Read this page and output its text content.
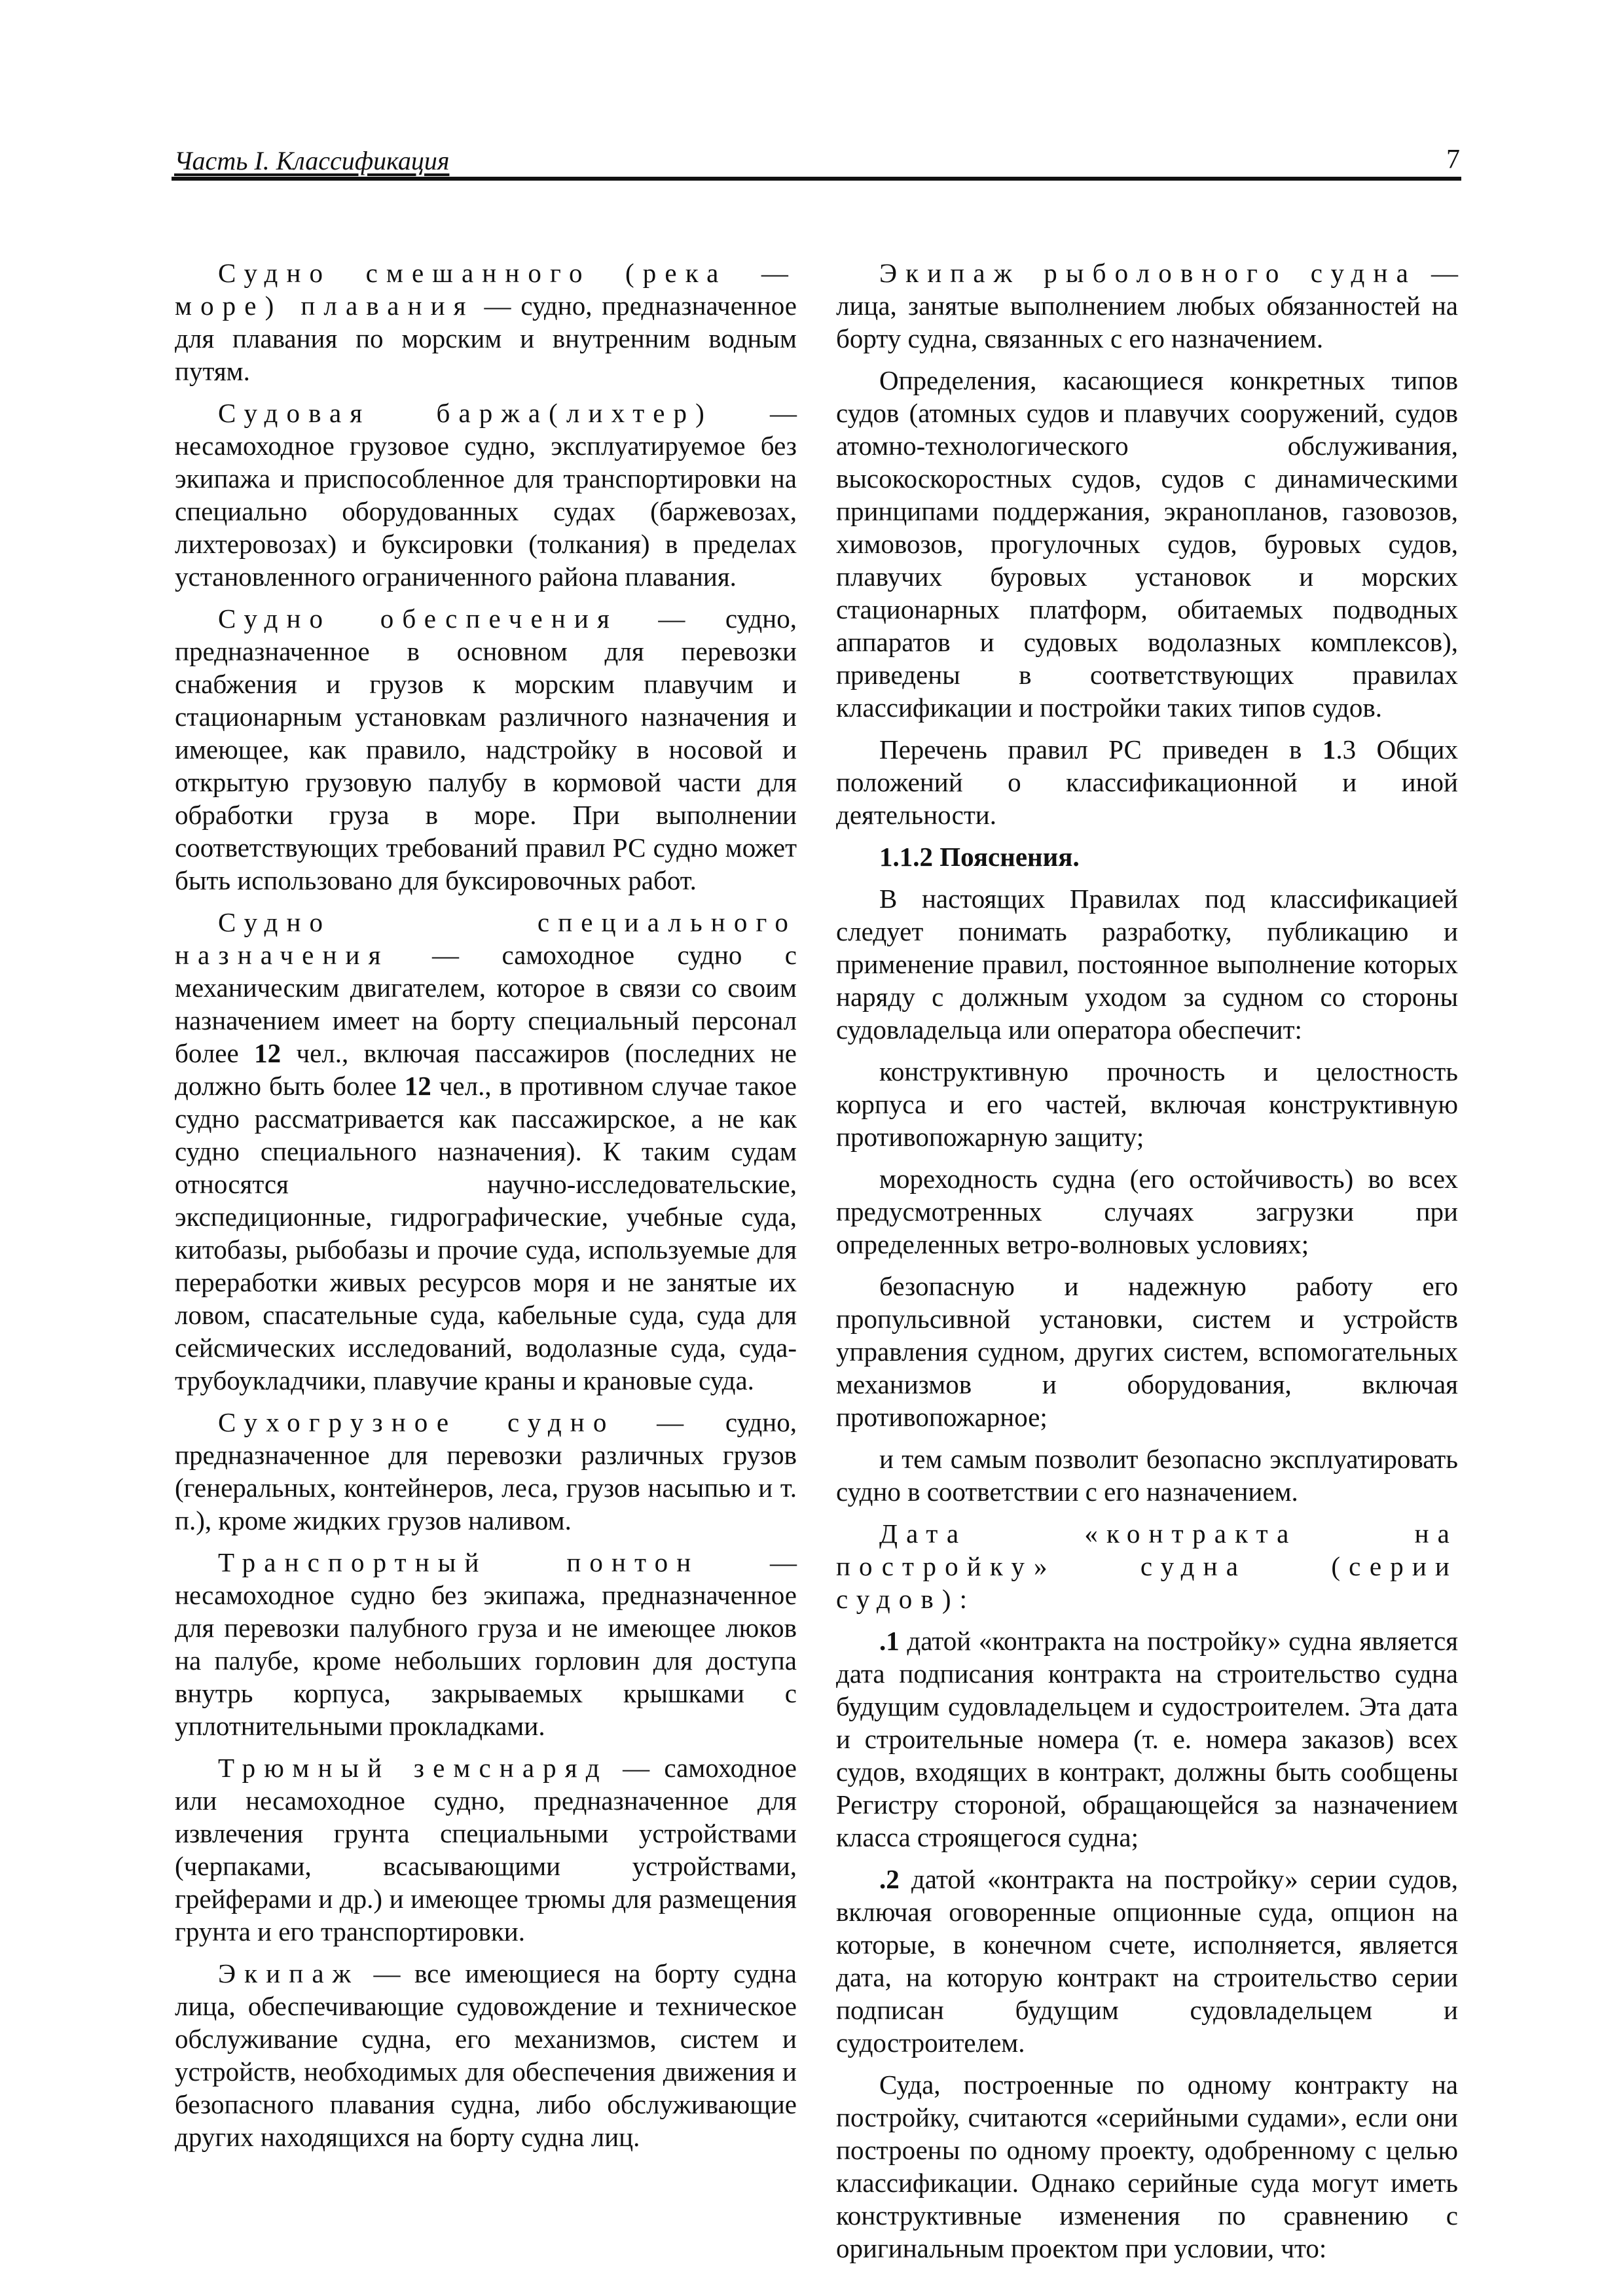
Часть I. Классификация	7

Судно смешанного (река — море) плавания — судно, предназначенное для плавания по морским и внутренним водным путям.

Судовая баржа(лихтер) — несамоходное грузовое судно, эксплуатируемое без экипажа и приспособленное для транспортировки на специально оборудованных судах (баржевозах, лихтеровозах) и буксировки (толкания) в пределах установленного ограниченного района плавания.

Судно обеспечения — судно, предназначенное в основном для перевозки снабжения и грузов к морским плавучим и стационарным установкам различного назначения и имеющее, как правило, надстройку в носовой и открытую грузовую палубу в кормовой части для обработки груза в море. При выполнении соответствующих требований правил РС судно может быть использовано для буксировочных работ.

Судно специального назначения — самоходное судно с механическим двигателем, которое в связи со своим назначением имеет на борту специальный персонал более 12 чел., включая пассажиров (последних не должно быть более 12 чел., в противном случае такое судно рассматривается как пассажирское, а не как судно специального назначения). К таким судам относятся научно-исследовательские, экспедиционные, гидрографические, учебные суда, китобазы, рыбобазы и прочие суда, используемые для переработки живых ресурсов моря и не занятые их ловом, спасательные суда, кабельные суда, суда для сейсмических исследований, водолазные суда, суда-трубоукладчики, плавучие краны и крановые суда.

Сухогрузное судно — судно, предназначенное для перевозки различных грузов (генеральных, контейнеров, леса, грузов насыпью и т. п.), кроме жидких грузов наливом.

Транспортный понтон — несамоходное судно без экипажа, предназначенное для перевозки палубного груза и не имеющее люков на палубе, кроме небольших горловин для доступа внутрь корпуса, закрываемых крышками с уплотнительными прокладками.

Трюмный земснаряд — самоходное или несамоходное судно, предназначенное для извлечения грунта специальными устройствами (черпаками, всасывающими устройствами, грейферами и др.) и имеющее трюмы для размещения грунта и его транспортировки.

Экипаж — все имеющиеся на борту судна лица, обеспечивающие судовождение и техническое обслуживание судна, его механизмов, систем и устройств, необходимых для обеспечения движения и безопасного плавания судна, либо обслуживающие других находящихся на борту судна лиц.

Экипаж рыболовного судна — лица, занятые выполнением любых обязанностей на борту судна, связанных с его назначением.

Определения, касающиеся конкретных типов судов (атомных судов и плавучих сооружений, судов атомно-технологического обслуживания, высокоскоростных судов, судов с динамическими принципами поддержания, экранопланов, газовозов, химовозов, прогулочных судов, буровых судов, плавучих буровых установок и морских стационарных платформ, обитаемых подводных аппаратов и судовых водолазных комплексов), приведены в соответствующих правилах классификации и постройки таких типов судов.

Перечень правил РС приведен в 1.3 Общих положений о классификационной и иной деятельности.

1.1.2 Пояснения.

В настоящих Правилах под классификацией следует понимать разработку, публикацию и применение правил, постоянное выполнение которых наряду с должным уходом за судном со стороны судовладельца или оператора обеспечит:

конструктивную прочность и целостность корпуса и его частей, включая конструктивную противопожарную защиту;

мореходность судна (его остойчивость) во всех предусмотренных случаях загрузки при определенных ветро-волновых условиях;

безопасную и надежную работу его пропульсивной установки, систем и устройств управления судном, других систем, вспомогательных механизмов и оборудования, включая противопожарное;

и тем самым позволит безопасно эксплуатировать судно в соответствии с его назначением.

Дата «контракта на постройку» судна (серии судов):

.1 датой «контракта на постройку» судна является дата подписания контракта на строительство судна будущим судовладельцем и судостроителем. Эта дата и строительные номера (т. е. номера заказов) всех судов, входящих в контракт, должны быть сообщены Регистру стороной, обращающейся за назначением класса строящегося судна;

.2 датой «контракта на постройку» серии судов, включая оговоренные опционные суда, опцион на которые, в конечном счете, исполняется, является дата, на которую контракт на строительство серии подписан будущим судовладельцем и судостроителем.

Суда, построенные по одному контракту на постройку, считаются «серийными судами», если они построены по одному проекту, одобренному с целью классификации. Однако серийные суда могут иметь конструктивные изменения по сравнению с оригинальным проектом при условии, что:
